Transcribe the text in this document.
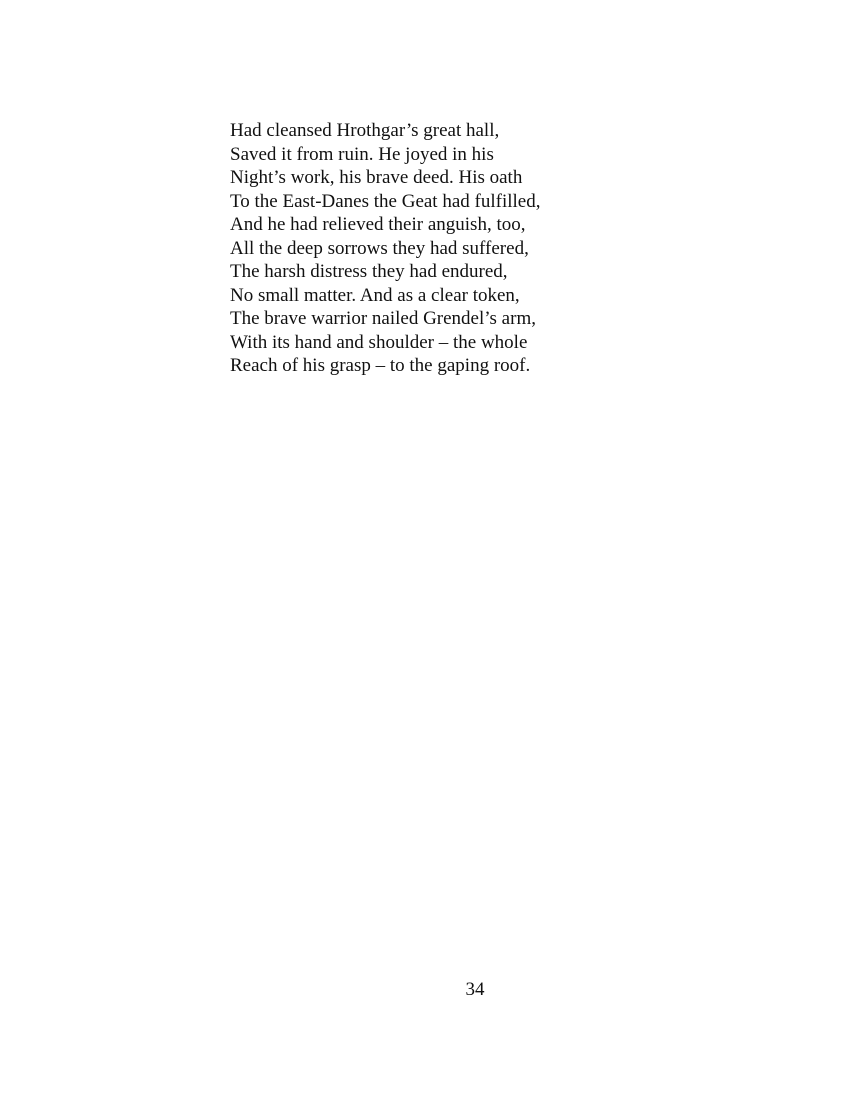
Had cleansed Hrothgar’s great hall,
Saved it from ruin. He joyed in his
Night’s work, his brave deed. His oath
To the East-Danes the Geat had fulfilled,
And he had relieved their anguish, too,
All the deep sorrows they had suffered,
The harsh distress they had endured,
No small matter. And as a clear token,
The brave warrior nailed Grendel’s arm,
With its hand and shoulder – the whole
Reach of his grasp – to the gaping roof.
34
